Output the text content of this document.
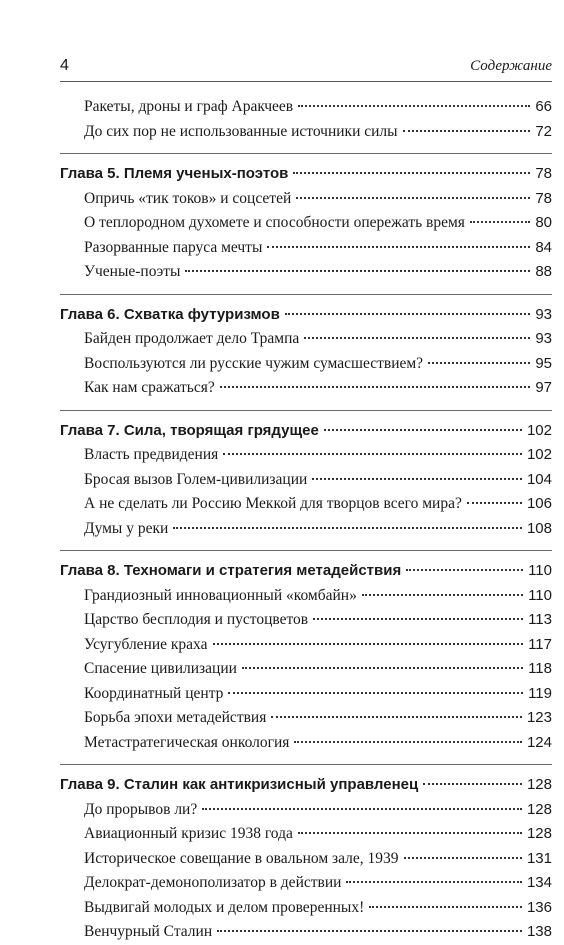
4	Содержание
Ракеты, дроны и граф Аракчеев	66
До сих пор не использованные источники силы	72
Глава 5. Племя ученых-поэтов	78
Опричь «тик токов» и соцсетей	78
О теплородном духомете и способности опережать время	80
Разорванные паруса мечты	84
Ученые-поэты	88
Глава 6. Схватка футуризмов	93
Байден продолжает дело Трампа	93
Воспользуются ли русские чужим сумасшествием?	95
Как нам сражаться?	97
Глава 7. Сила, творящая грядущее	102
Власть предвидения	102
Бросая вызов Голем-цивилизации	104
А не сделать ли Россию Меккой для творцов всего мира?	106
Думы у реки	108
Глава 8. Техномаги и стратегия метадействия	110
Грандиозный инновационный «комбайн»	110
Царство бесплодия и пустоцветов	113
Усугубление краха	117
Спасение цивилизации	118
Координатный центр	119
Борьба эпохи метадействия	123
Метастратегическая онкология	124
Глава 9. Сталин как антикризисный управленец	128
До прорывов ли?	128
Авиационный кризис 1938 года	128
Историческое совещание в овальном зале, 1939	131
Делократ-демонополизатор в действии	134
Выдвигай молодых и делом проверенных!	136
Венчурный Сталин	138
